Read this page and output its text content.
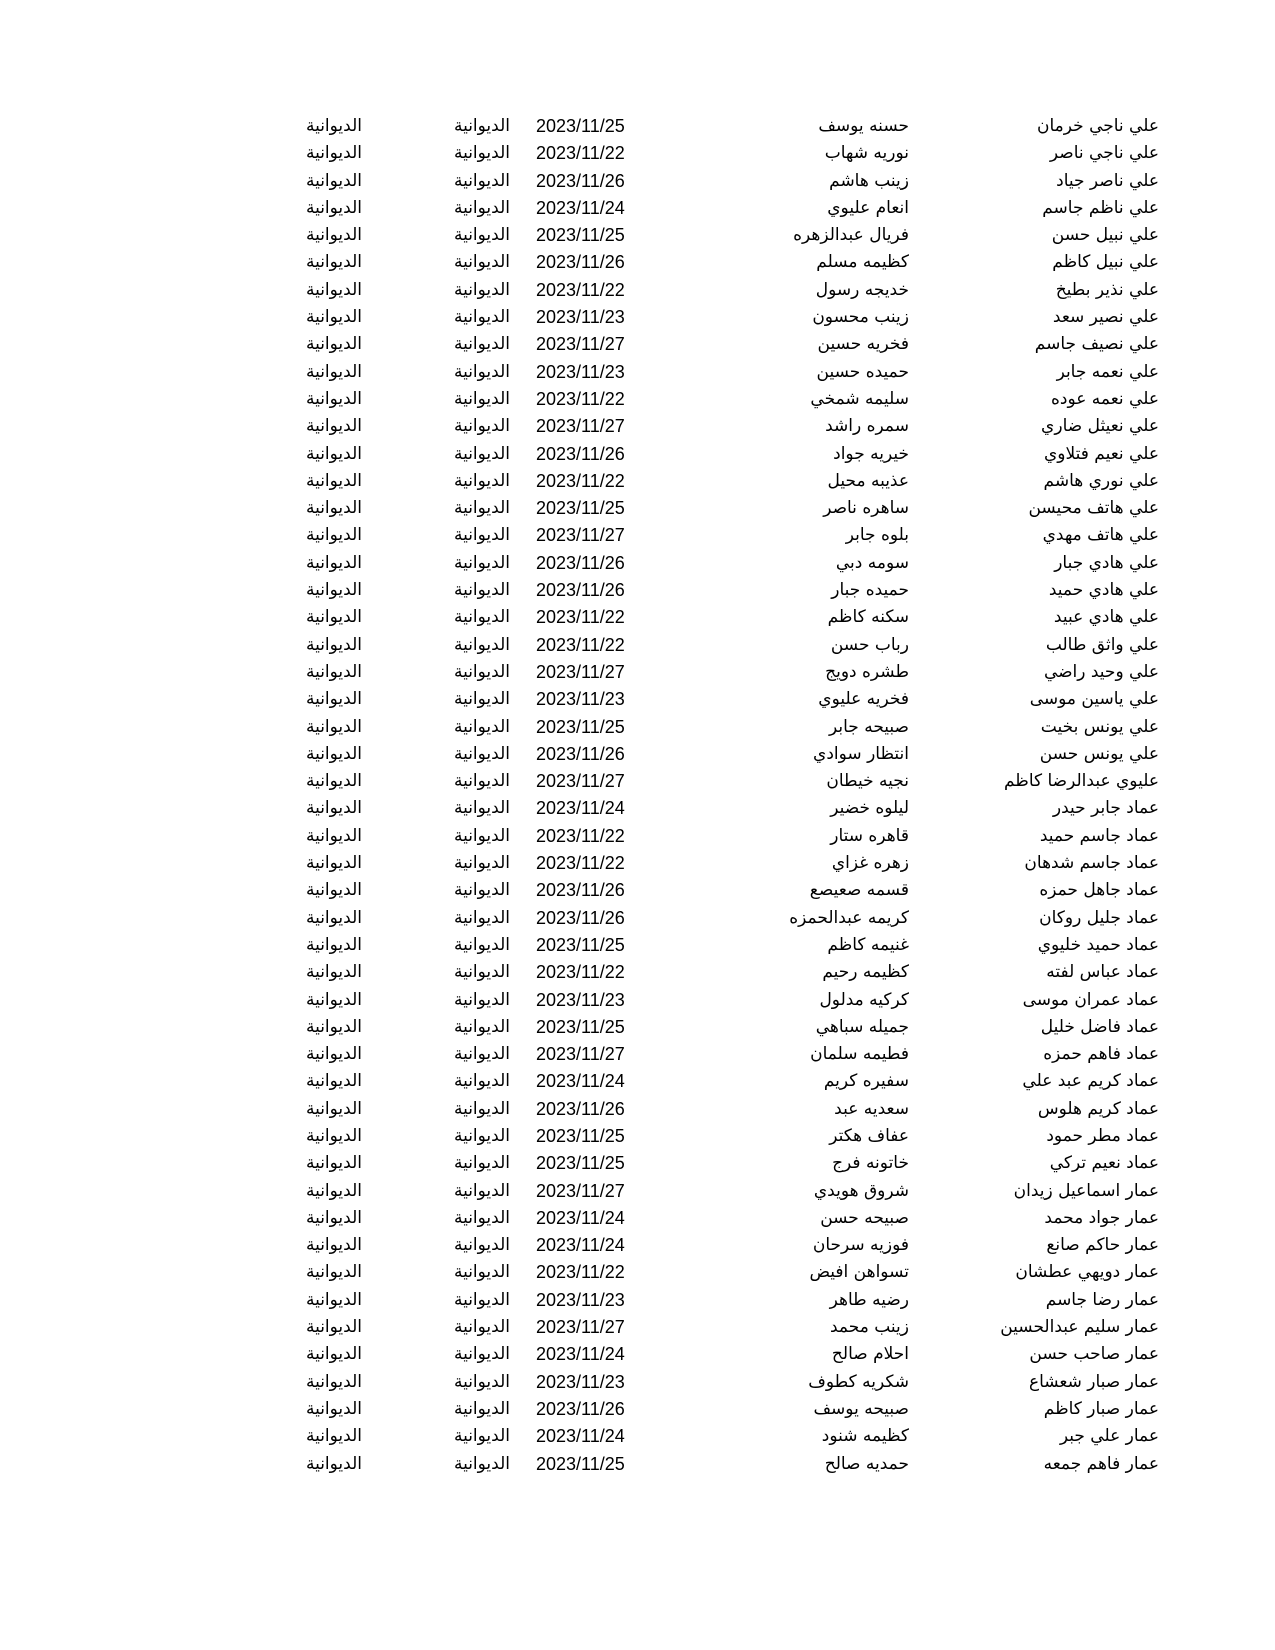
علي ناجي خرمان
حسنه يوسف
2023/11/25
الديوانية
الديوانية
علي ناجي ناصر
نوريه شهاب
2023/11/22
الديوانية
الديوانية
علي ناصر جياد
زينب هاشم
2023/11/26
الديوانية
الديوانية
علي ناظم جاسم
انعام عليوي
2023/11/24
الديوانية
الديوانية
علي نبيل حسن
فريال عبدالزهره
2023/11/25
الديوانية
الديوانية
علي نبيل كاظم
كظيمه مسلم
2023/11/26
الديوانية
الديوانية
علي نذير بطيخ
خديجه رسول
2023/11/22
الديوانية
الديوانية
علي نصير سعد
زينب محسون
2023/11/23
الديوانية
الديوانية
علي نصيف جاسم
فخريه حسين
2023/11/27
الديوانية
الديوانية
علي نعمه جابر
حميده حسين
2023/11/23
الديوانية
الديوانية
علي نعمه عوده
سليمه شمخي
2023/11/22
الديوانية
الديوانية
علي نعيثل ضاري
سمره راشد
2023/11/27
الديوانية
الديوانية
علي نعيم فتلاوي
خيريه جواد
2023/11/26
الديوانية
الديوانية
علي نوري هاشم
عذيبه محيل
2023/11/22
الديوانية
الديوانية
علي هاتف محيسن
ساهره ناصر
2023/11/25
الديوانية
الديوانية
علي هاتف مهدي
بلوه جابر
2023/11/27
الديوانية
الديوانية
علي هادي جبار
سومه دبي
2023/11/26
الديوانية
الديوانية
علي هادي حميد
حميده جبار
2023/11/26
الديوانية
الديوانية
علي هادي عبيد
سكنه كاظم
2023/11/22
الديوانية
الديوانية
علي واثق طالب
رباب حسن
2023/11/22
الديوانية
الديوانية
علي وحيد راضي
طشره دويج
2023/11/27
الديوانية
الديوانية
علي ياسين موسى
فخريه عليوي
2023/11/23
الديوانية
الديوانية
علي يونس بخيت
صبيحه جابر
2023/11/25
الديوانية
الديوانية
علي يونس حسن
انتظار سوادي
2023/11/26
الديوانية
الديوانية
عليوي عبدالرضا كاظم
نجيه خيطان
2023/11/27
الديوانية
الديوانية
عماد جابر حيدر
ليلوه خضير
2023/11/24
الديوانية
الديوانية
عماد جاسم حميد
قاهره ستار
2023/11/22
الديوانية
الديوانية
عماد جاسم شدهان
زهره غزاي
2023/11/22
الديوانية
الديوانية
عماد جاهل حمزه
قسمه صعيصع
2023/11/26
الديوانية
الديوانية
عماد جليل روكان
كريمه عبدالحمزه
2023/11/26
الديوانية
الديوانية
عماد حميد خليوي
غنيمه كاظم
2023/11/25
الديوانية
الديوانية
عماد عباس لفته
كظيمه رحيم
2023/11/22
الديوانية
الديوانية
عماد عمران موسى
كركيه مدلول
2023/11/23
الديوانية
الديوانية
عماد فاضل خليل
جميله سباهي
2023/11/25
الديوانية
الديوانية
عماد فاهم حمزه
فطيمه سلمان
2023/11/27
الديوانية
الديوانية
عماد كريم عبد علي
سفيره كريم
2023/11/24
الديوانية
الديوانية
عماد كريم هلوس
سعديه عبد
2023/11/26
الديوانية
الديوانية
عماد مطر حمود
عفاف هكتر
2023/11/25
الديوانية
الديوانية
عماد نعيم تركي
خاتونه فرج
2023/11/25
الديوانية
الديوانية
عمار اسماعيل زيدان
شروق هويدي
2023/11/27
الديوانية
الديوانية
عمار جواد محمد
صبيحه حسن
2023/11/24
الديوانية
الديوانية
عمار حاكم صانع
فوزيه سرحان
2023/11/24
الديوانية
الديوانية
عمار دويهي عطشان
تسواهن افيض
2023/11/22
الديوانية
الديوانية
عمار رضا جاسم
رضيه طاهر
2023/11/23
الديوانية
الديوانية
عمار سليم عبدالحسين
زينب محمد
2023/11/27
الديوانية
الديوانية
عمار صاحب حسن
احلام صالح
2023/11/24
الديوانية
الديوانية
عمار صبار شعشاع
شكريه كطوف
2023/11/23
الديوانية
الديوانية
عمار صبار كاظم
صبيحه يوسف
2023/11/26
الديوانية
الديوانية
عمار علي جبر
كظيمه شنود
2023/11/24
الديوانية
الديوانية
عمار فاهم جمعه
حمديه صالح
2023/11/25
الديوانية
الديوانية
